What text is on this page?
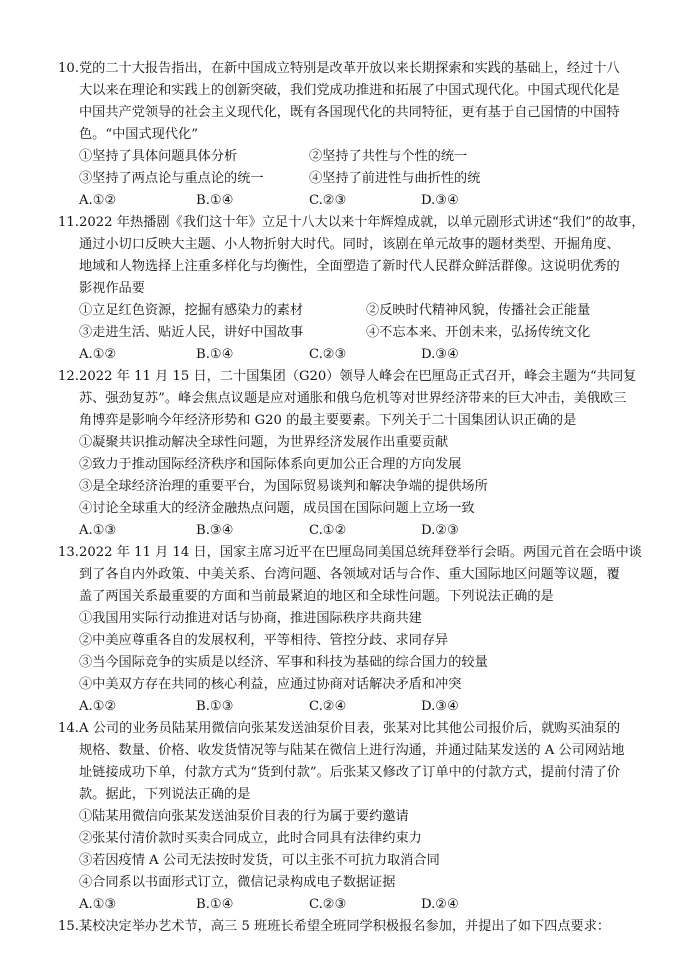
10. 党的二十大报告指出，在新中国成立特别是改革开放以来长期探索和实践的基础上，经过十八
大以来在理论和实践上的创新突破，我们党成功推进和拓展了中国式现代化。中国式现代化是
中国共产党领导的社会主义现代化，既有各国现代化的共同特征，更有基于自己国情的中国特
色。“中国式现代化”
①坚持了具体问题具体分析	②坚持了共性与个性的统一
③坚持了两点论与重点论的统一	④坚持了前进性与曲折性的统
A.①②	B.①④	C.②③	D.③④
11. 2022 年热播剧《我们这十年》立足十八大以来十年辉煌成就，以单元剧形式讲述“我们”的故事，
通过小切口反映大主题、小人物折射大时代。同时，该剧在单元故事的题材类型、开掘角度、
地域和人物选择上注重多样化与均衡性，全面塑造了新时代人民群众鲜活群像。这说明优秀的
影视作品要
①立足红色资源，挖掘有感染力的素材	②反映时代精神风貌，传播社会正能量
③走进生活、贴近人民，讲好中国故事	④不忘本来、开创未来，弘扬传统文化
A.①②	B.①④	C.②③	D.③④
12. 2022 年 11 月 15 日，二十国集团（G20）领导人峰会在巴厘岛正式召开，峰会主题为“共同复
苏、强劲复苏”。峰会焦点议题是应对通胀和俄乌危机等对世界经济带来的巨大冲击，美俄欧三
角博弈是影响今年经济形势和 G20 的最主要要素。下列关于二十国集团认识正确的是
①凝聚共识推动解决全球性问题，为世界经济发展作出重要贡献
②致力于推动国际经济秩序和国际体系向更加公正合理的方向发展
③是全球经济治理的重要平台，为国际贸易谈判和解决争端的提供场所
④讨论全球重大的经济金融热点问题，成员国在国际问题上立场一致
A.①③	B.③④	C.①②	D.②③
13. 2022 年 11 月 14 日，国家主席习近平在巴厘岛同美国总统拜登举行会晤。两国元首在会晤中谈
到了各自内外政策、中美关系、台湾问题、各领域对话与合作、重大国际地区问题等议题，覆
盖了两国关系最重要的方面和当前最紧迫的地区和全球性问题。下列说法正确的是
①我国用实际行动推进对话与协商，推进国际秩序共商共建
②中美应尊重各自的发展权利，平等相待、管控分歧、求同存异
③当今国际竞争的实质是以经济、军事和科技为基础的综合国力的较量
④中美双方存在共同的核心利益，应通过协商对话解决矛盾和冲突
A.①②	B.①③	C.②④	D.③④
14. A 公司的业务员陆某用微信向张某发送油泵价目表，张某对比其他公司报价后，就购买油泵的
规格、数量、价格、收发货情况等与陆某在微信上进行沟通，并通过陆某发送的 A 公司网站地
址链接成功下单，付款方式为“货到付款”。后张某又修改了订单中的付款方式，提前付清了价
款。据此，下列说法正确的是
①陆某用微信向张某发送油泵价目表的行为属于要约邀请
②张某付清价款时买卖合同成立，此时合同具有法律约束力
③若因疫情 A 公司无法按时发货，可以主张不可抗力取消合同
④合同系以书面形式订立，微信记录构成电子数据证据
A.①③	B.①④	C.②③	D.②④
15. 某校决定举办艺术节，高三 5 班班长希望全班同学积极报名参加，并提出了如下四点要求：
